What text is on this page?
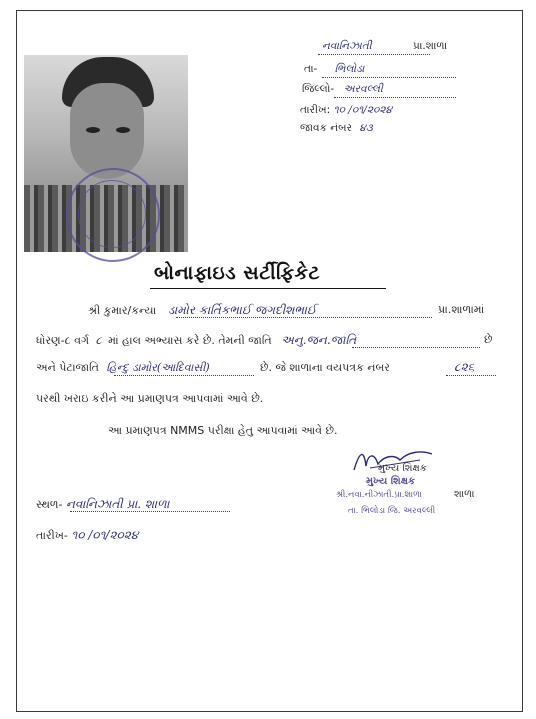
નવાનિઝાતી	પ્રા.શાળા
તા- ભિલોડા
જિલ્લો- અરવલ્લી
તારીખ: ૧૦ /૦૧/૨૦૨૪
જાવક નંબર ૪૩
બોનાફાઇડ સર્ટીફિકેટ
શ્રી કુમાર/કન્યા ડામોર કાર્તિકભાઈ જગદીશભાઈ	પ્રા.શાળામાં
ધોરણ-૮ વર્ગ ૮ માં હાલ અભ્યાસ કરે છે. તેમની જાતિ અનુ.જન.જાતિ	છે
અને પેટાજાતિ હિન્દુ ડામોર(આદિવાસી)	છે. જે શાળાના વયપત્રક નંબર	૮૨૬
પરથી ખરાઇ કરીને આ પ્રમાણપત્ર આપવામાં આવે છે.
આ પ્રમાણપત્ર NMMS પરીક્ષા હેતુ આપવામાં આવે છે.
મુખ્ય શિક્ષક
મુખ્ય શિક્ષક
શ્રી.નવા.નીઝાતી.પ્રા.શાળા	શાળા
તા. ભિલોડા જિ. અરવલ્લી
સ્થળ- નવાનિઝાતી પ્રા. શાળા
તારીખ- ૧૦ /૦૧/૨૦૨૪
